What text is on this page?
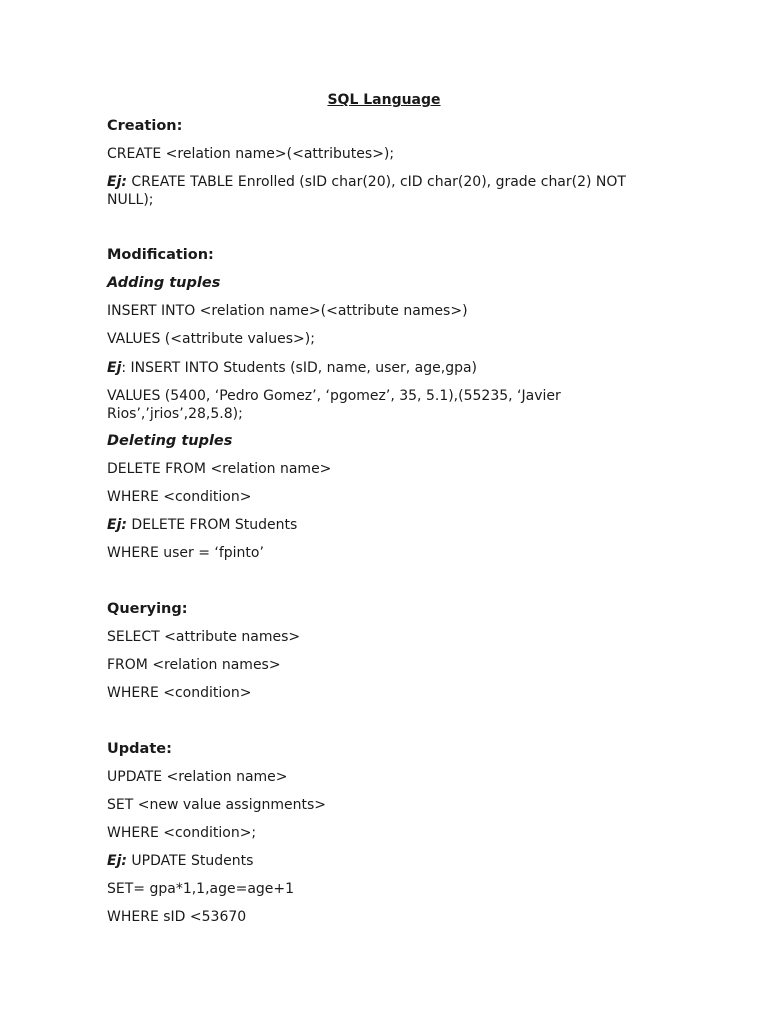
SQL Language
Creation:
CREATE <relation name>(<attributes>);
Ej: CREATE TABLE Enrolled (sID char(20), cID char(20), grade char(2) NOT
NULL);
Modification:
Adding tuples
INSERT INTO <relation name>(<attribute names>)
VALUES (<attribute values>);
Ej: INSERT INTO Students (sID, name, user, age,gpa)
VALUES (5400, ‘Pedro Gomez’, ‘pgomez’, 35, 5.1),(55235, ‘Javier
Rios’,’jrios’,28,5.8);
Deleting tuples
DELETE FROM <relation name>
WHERE <condition>
Ej: DELETE FROM Students
WHERE user = ‘fpinto’
Querying:
SELECT <attribute names>
FROM <relation names>
WHERE <condition>
Update:
UPDATE <relation name>
SET <new value assignments>
WHERE <condition>;
Ej: UPDATE Students
SET= gpa*1,1,age=age+1
WHERE sID <53670
